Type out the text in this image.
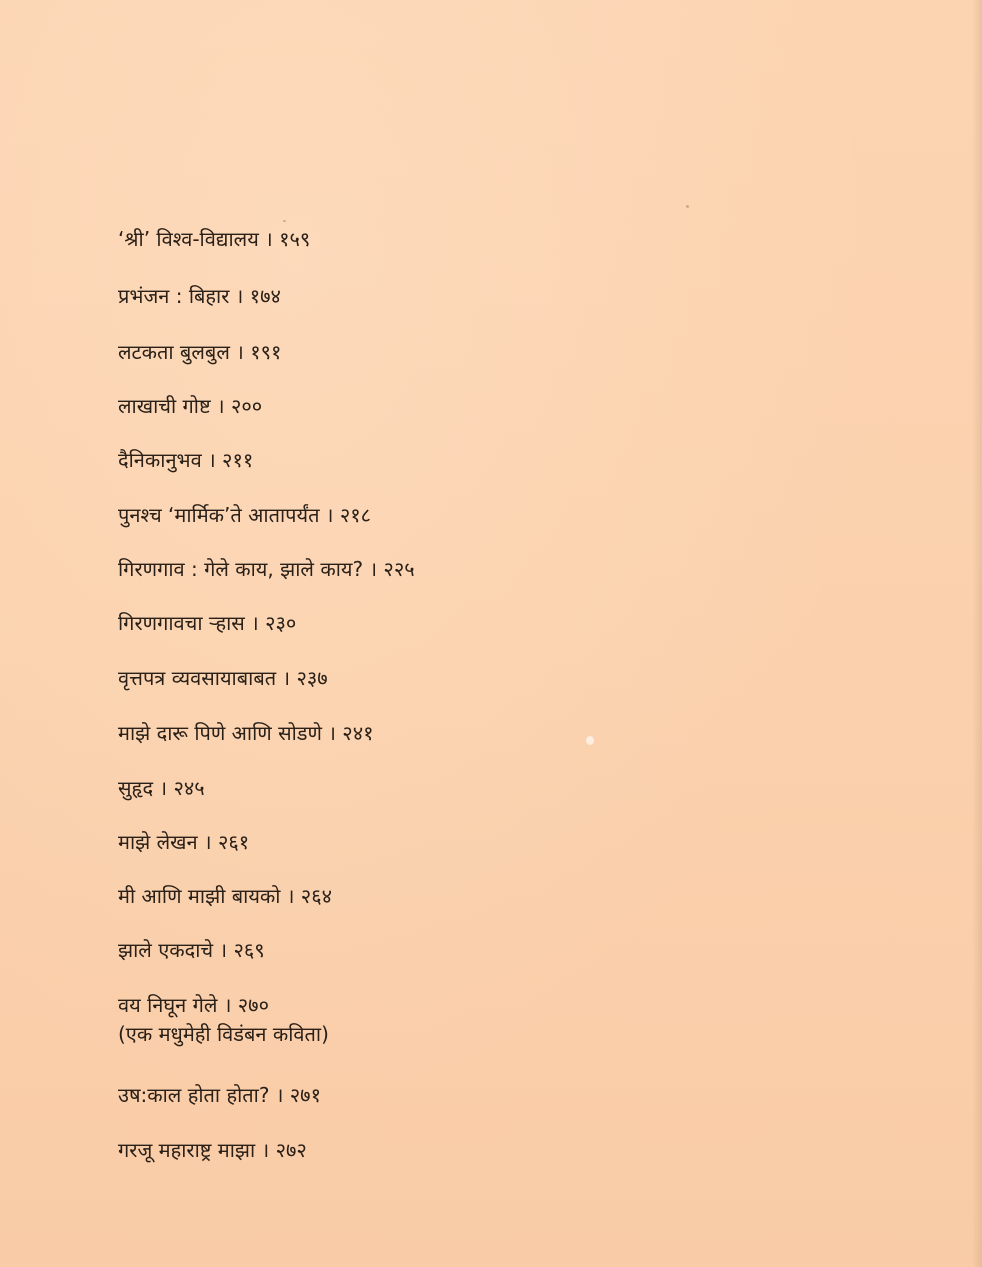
‘श्री’ विश्व-विद्यालय । १५९
प्रभंजन : बिहार । १७४
लटकता बुलबुल । १९१
लाखाची गोष्ट । २००
दैनिकानुभव । २११
पुनश्च ‘मार्मिक’ते आतापर्यंत । २१८
गिरणगाव : गेले काय, झाले काय? । २२५
गिरणगावचा ऱ्हास । २३०
वृत्तपत्र व्यवसायाबाबत । २३७
माझे दारू पिणे आणि सोडणे । २४१
सुहृद । २४५
माझे लेखन । २६१
मी आणि माझी बायको । २६४
झाले एकदाचे । २६९
वय निघून गेले । २७०
(एक मधुमेही विडंबन कविता)
उष:काल होता होता? । २७१
गरजू महाराष्ट्र माझा । २७२
